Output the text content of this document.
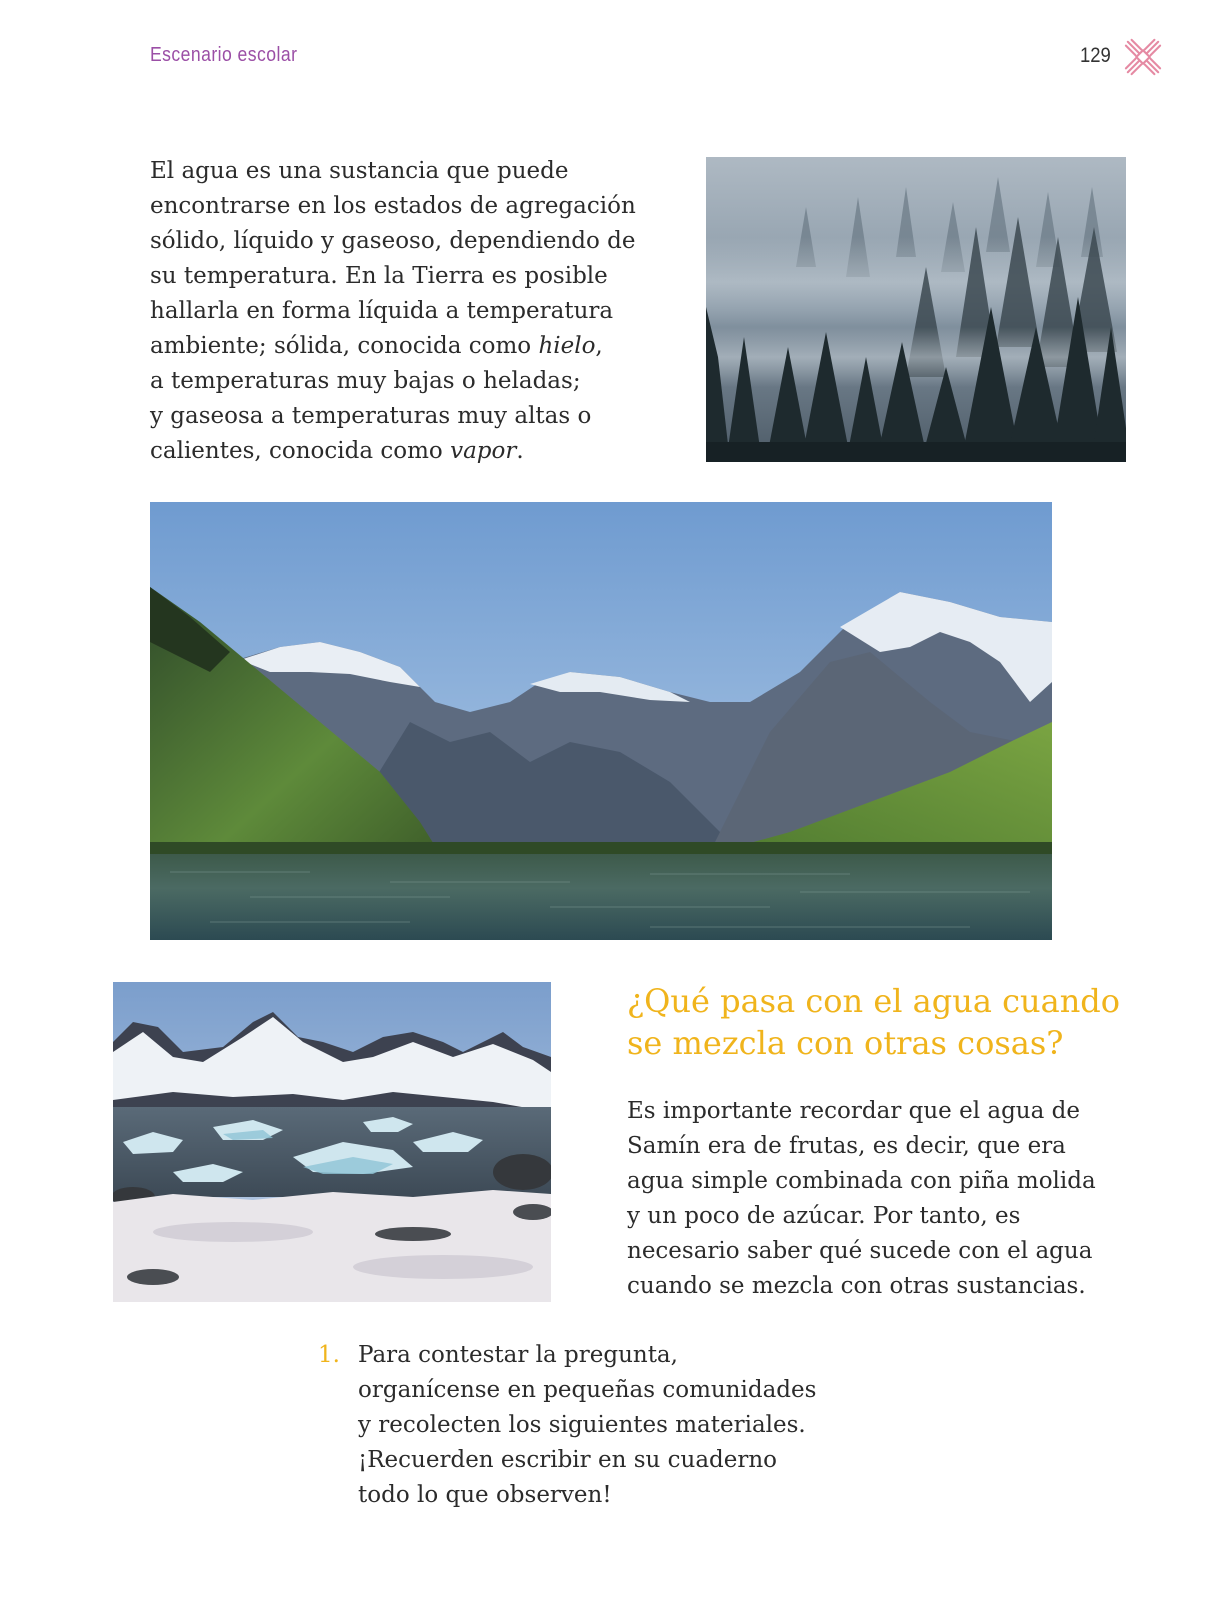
Escenario escolar	129
El agua es una sustancia que puede
encontrarse en los estados de agregación
sólido, líquido y gaseoso, dependiendo de
su temperatura. En la Tierra es posible
hallarla en forma líquida a temperatura
ambiente; sólida, conocida como hielo,
a temperaturas muy bajas o heladas;
y gaseosa a temperaturas muy altas o
calientes, conocida como vapor.
¿Qué pasa con el agua cuando
se mezcla con otras cosas?
Es importante recordar que el agua de
Samín era de frutas, es decir, que era
agua simple combinada con piña molida
y un poco de azúcar. Por tanto, es
necesario saber qué sucede con el agua
cuando se mezcla con otras sustancias.
1. Para contestar la pregunta,
organícense en pequeñas comunidades
y recolecten los siguientes materiales.
¡Recuerden escribir en su cuaderno
todo lo que observen!
